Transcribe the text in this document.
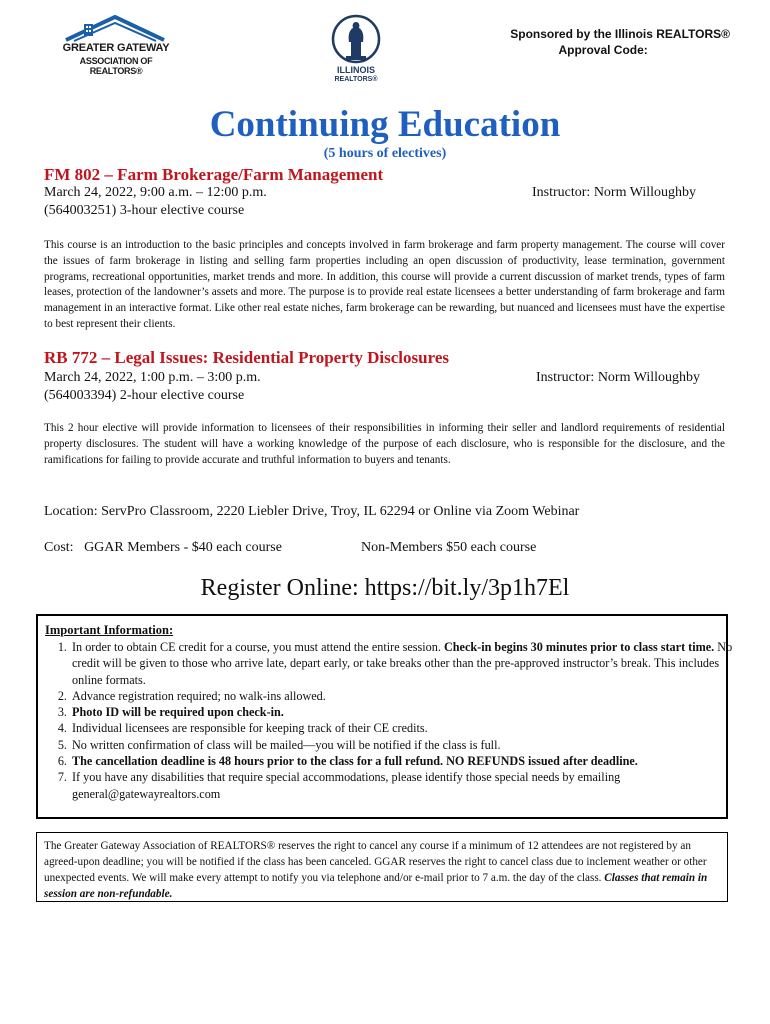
GREATER GATEWAY
ASSOCIATION OF REALTORS®	ILLINOIS
REALTORS®
Sponsored by the Illinois REALTORS®
Approval Code:
Continuing Education
(5 hours of electives)
FM 802 – Farm Brokerage/Farm Management
March 24, 2022, 9:00 a.m. – 12:00 p.m.	Instructor: Norm Willoughby
(564003251) 3-hour elective course
This course is an introduction to the basic principles and concepts involved in farm brokerage and farm property management. The course will cover the issues of farm brokerage in listing and selling farm properties including an open discussion of productivity, lease termination, government programs, recreational opportunities, market trends and more. In addition, this course will provide a current discussion of market trends, types of farm leases, protection of the landowner’s assets and more. The purpose is to provide real estate licensees a better understanding of farm brokerage and farm management in an interactive format. Like other real estate niches, farm brokerage can be rewarding, but nuanced and licensees must have the expertise to best represent their clients.
RB 772 – Legal Issues: Residential Property Disclosures
March 24, 2022, 1:00 p.m. – 3:00 p.m.	Instructor: Norm Willoughby
(564003394) 2-hour elective course
This 2 hour elective will provide information to licensees of their responsibilities in informing their seller and landlord requirements of residential property disclosures. The student will have a working knowledge of the purpose of each disclosure, who is responsible for the disclosure, and the ramifications for failing to provide accurate and truthful information to buyers and tenants.
Location: ServPro Classroom, 2220 Liebler Drive, Troy, IL 62294 or Online via Zoom Webinar
Cost:   GGAR Members - $40 each course	Non-Members $50 each course
Register Online: https://bit.ly/3p1h7El
Important Information:
1. In order to obtain CE credit for a course, you must attend the entire session. Check-in begins 30 minutes prior to class start time. No credit will be given to those who arrive late, depart early, or take breaks other than the pre-approved instructor’s break. This includes online formats.
2. Advance registration required; no walk-ins allowed.
3. Photo ID will be required upon check-in.
4. Individual licensees are responsible for keeping track of their CE credits.
5. No written confirmation of class will be mailed—you will be notified if the class is full.
6. The cancellation deadline is 48 hours prior to the class for a full refund. NO REFUNDS issued after deadline.
7. If you have any disabilities that require special accommodations, please identify those special needs by emailing general@gatewayrealtors.com

The Greater Gateway Association of REALTORS® reserves the right to cancel any course if a minimum of 12 attendees are not registered by an agreed-upon deadline; you will be notified if the class has been canceled. GGAR reserves the right to cancel class due to inclement weather or other unexpected events. We will make every attempt to notify you via telephone and/or e-mail prior to 7 a.m. the day of the class. Classes that remain in session are non-refundable.
